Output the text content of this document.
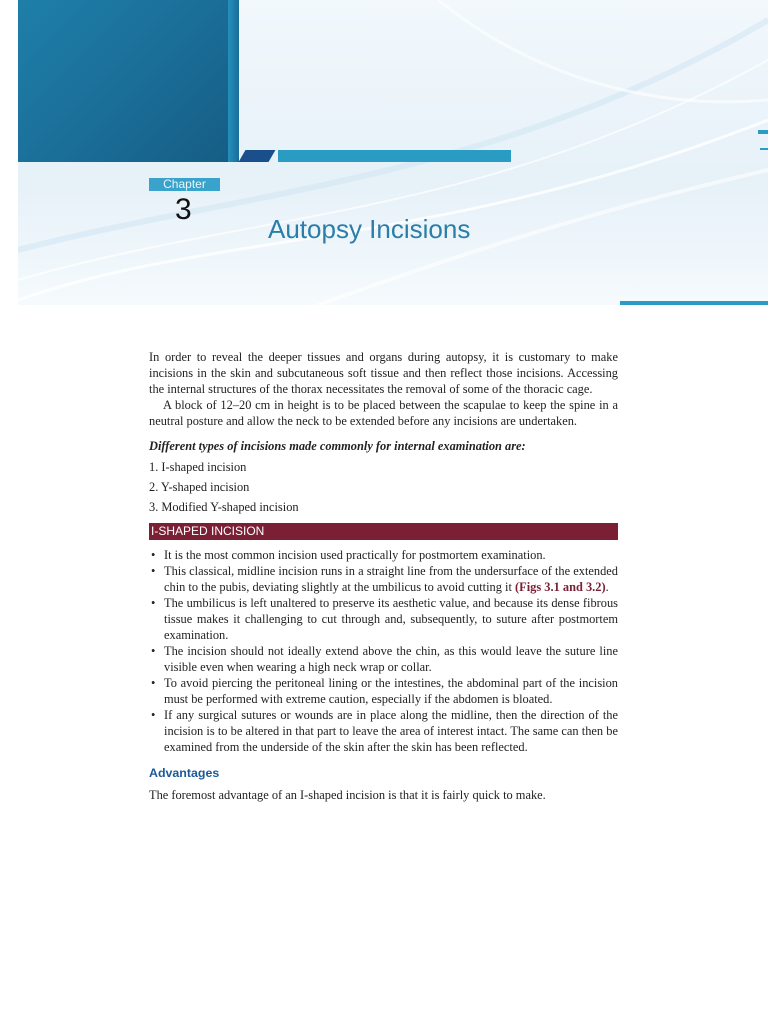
Chapter
3
Autopsy Incisions

In order to reveal the deeper tissues and organs during autopsy, it is customary to make incisions in the skin and subcutaneous soft tissue and then reflect those incisions. Accessing the internal structures of the thorax necessitates the removal of some of the thoracic cage.

A block of 12–20 cm in height is to be placed between the scapulae to keep the spine in a neutral posture and allow the neck to be extended before any incisions are undertaken.

Different types of incisions made commonly for internal examination are:

1. I-shaped incision
2. Y-shaped incision
3. Modified Y-shaped incision
I-SHAPED INCISION
• It is the most common incision used practically for postmortem examination.
• This classical, midline incision runs in a straight line from the undersurface of the extended chin to the pubis, deviating slightly at the umbilicus to avoid cutting it (Figs 3.1 and 3.2).
• The umbilicus is left unaltered to preserve its aesthetic value, and because its dense fibrous tissue makes it challenging to cut through and, subsequently, to suture after postmortem examination.
• The incision should not ideally extend above the chin, as this would leave the suture line visible even when wearing a high neck wrap or collar.
• To avoid piercing the peritoneal lining or the intestines, the abdominal part of the incision must be performed with extreme caution, especially if the abdomen is bloated.
• If any surgical sutures or wounds are in place along the midline, then the direction of the incision is to be altered in that part to leave the area of interest intact. The same can then be examined from the underside of the skin after the skin has been reflected.
Advantages

The foremost advantage of an I-shaped incision is that it is fairly quick to make.
